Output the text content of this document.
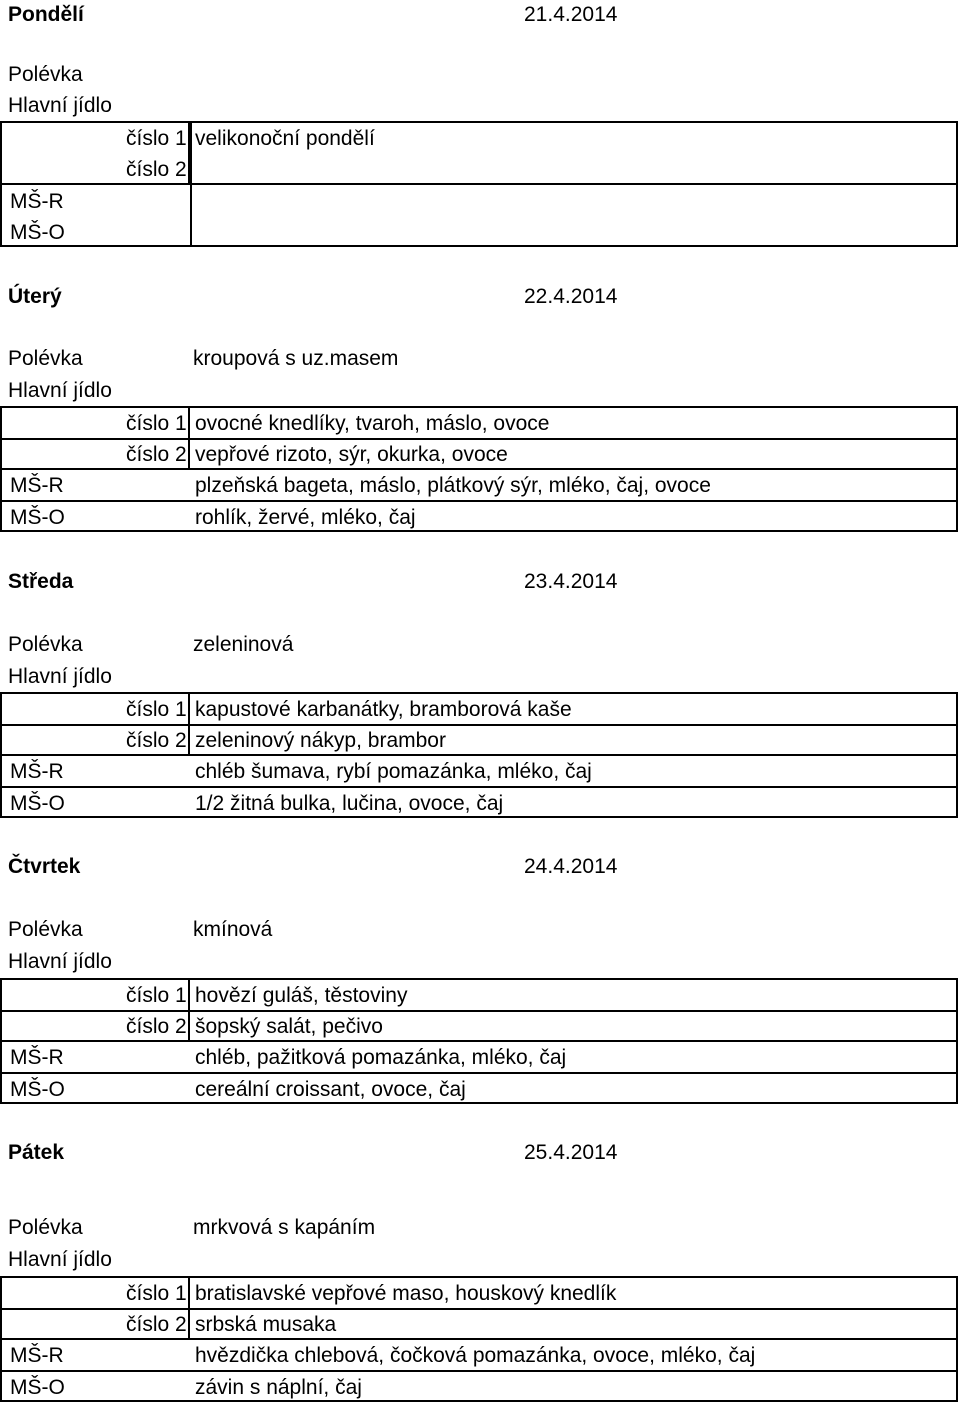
Pondělí	21.4.2014
Polévka
Hlavní jídlo
číslo 1 velikonoční pondělí
číslo 2
MŠ-R
MŠ-O
Úterý	22.4.2014
Polévka	kroupová s uz.masem
Hlavní jídlo
číslo 1 ovocné knedlíky, tvaroh, máslo, ovoce
číslo 2 vepřové rizoto, sýr, okurka, ovoce
MŠ-R	plzeňská bageta, máslo, plátkový sýr, mléko, čaj, ovoce
MŠ-O	rohlík, žervé, mléko, čaj
Středa	23.4.2014
Polévka	zeleninová
Hlavní jídlo
číslo 1 kapustové karbanátky, bramborová kaše
číslo 2 zeleninový nákyp, brambor
MŠ-R	chléb šumava, rybí pomazánka, mléko, čaj
MŠ-O	1/2 žitná bulka, lučina, ovoce, čaj
Čtvrtek	24.4.2014
Polévka	kmínová
Hlavní jídlo
číslo 1 hovězí guláš, těstoviny
číslo 2 šopský salát, pečivo
MŠ-R	chléb, pažitková pomazánka, mléko, čaj
MŠ-O	cereální croissant, ovoce, čaj
Pátek	25.4.2014
Polévka	mrkvová s kapáním
Hlavní jídlo
číslo 1 bratislavské vepřové maso, houskový knedlík
číslo 2 srbská musaka
MŠ-R	hvězdička chlebová, čočková pomazánka, ovoce, mléko, čaj
MŠ-O	závin s náplní, čaj
